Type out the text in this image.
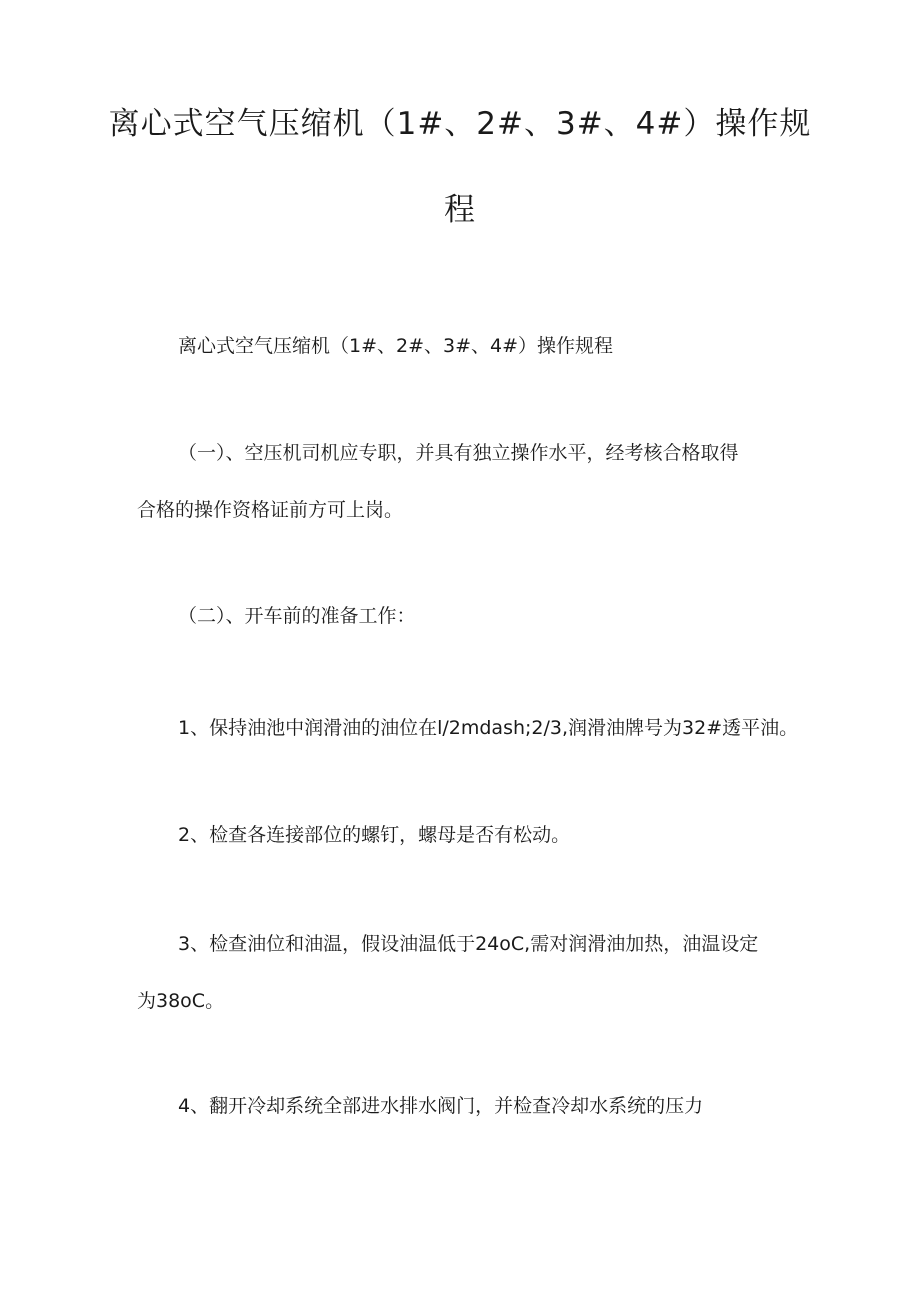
离心式空气压缩机（1#、2#、3#、4#）操作规
程
离心式空气压缩机（1#、2#、3#、4#）操作规程
（一）、空压机司机应专职，并具有独立操作水平，经考核合格取得
合格的操作资格证前方可上岗。
（二）、开车前的准备工作：
1、保持油池中润滑油的油位在l/2mdash;2/3,润滑油牌号为32#透平油。
2、检查各连接部位的螺钉，螺母是否有松动。
3、检查油位和油温，假设油温低于24oC,需对润滑油加热，油温设定
为38oC。
4、翻开冷却系统全部进水排水阀门，并检查冷却水系统的压力
